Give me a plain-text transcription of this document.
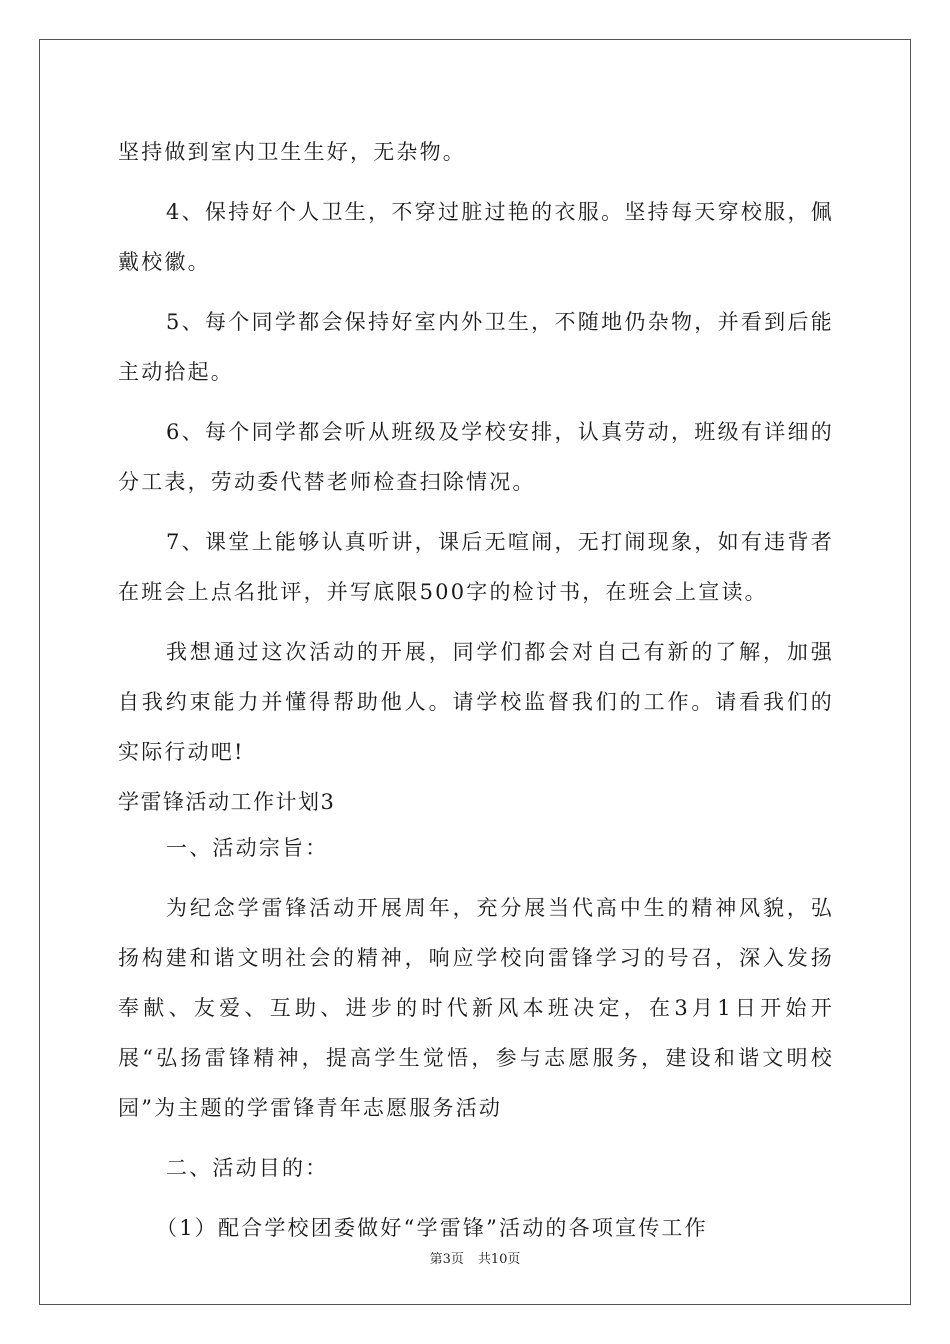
坚持做到室内卫生生好，无杂物。

4、保持好个人卫生，不穿过脏过艳的衣服。坚持每天穿校服，佩戴校徽。

5、每个同学都会保持好室内外卫生，不随地仍杂物，并看到后能主动拾起。

6、每个同学都会听从班级及学校安排，认真劳动，班级有详细的分工表，劳动委代替老师检查扫除情况。

7、课堂上能够认真听讲，课后无喧闹，无打闹现象，如有违背者在班会上点名批评，并写底限500字的检讨书，在班会上宣读。

我想通过这次活动的开展，同学们都会对自己有新的了解，加强自我约束能力并懂得帮助他人。请学校监督我们的工作。请看我们的实际行动吧!

学雷锋活动工作计划3

一、活动宗旨：

为纪念学雷锋活动开展周年，充分展当代高中生的精神风貌，弘扬构建和谐文明社会的精神，响应学校向雷锋学习的号召，深入发扬奉献、友爱、互助、进步的时代新风本班决定，在3月1日开始开展“弘扬雷锋精神，提高学生觉悟，参与志愿服务，建设和谐文明校园”为主题的学雷锋青年志愿服务活动

二、活动目的：

（1）配合学校团委做好“学雷锋”活动的各项宣传工作

第3页 共10页
